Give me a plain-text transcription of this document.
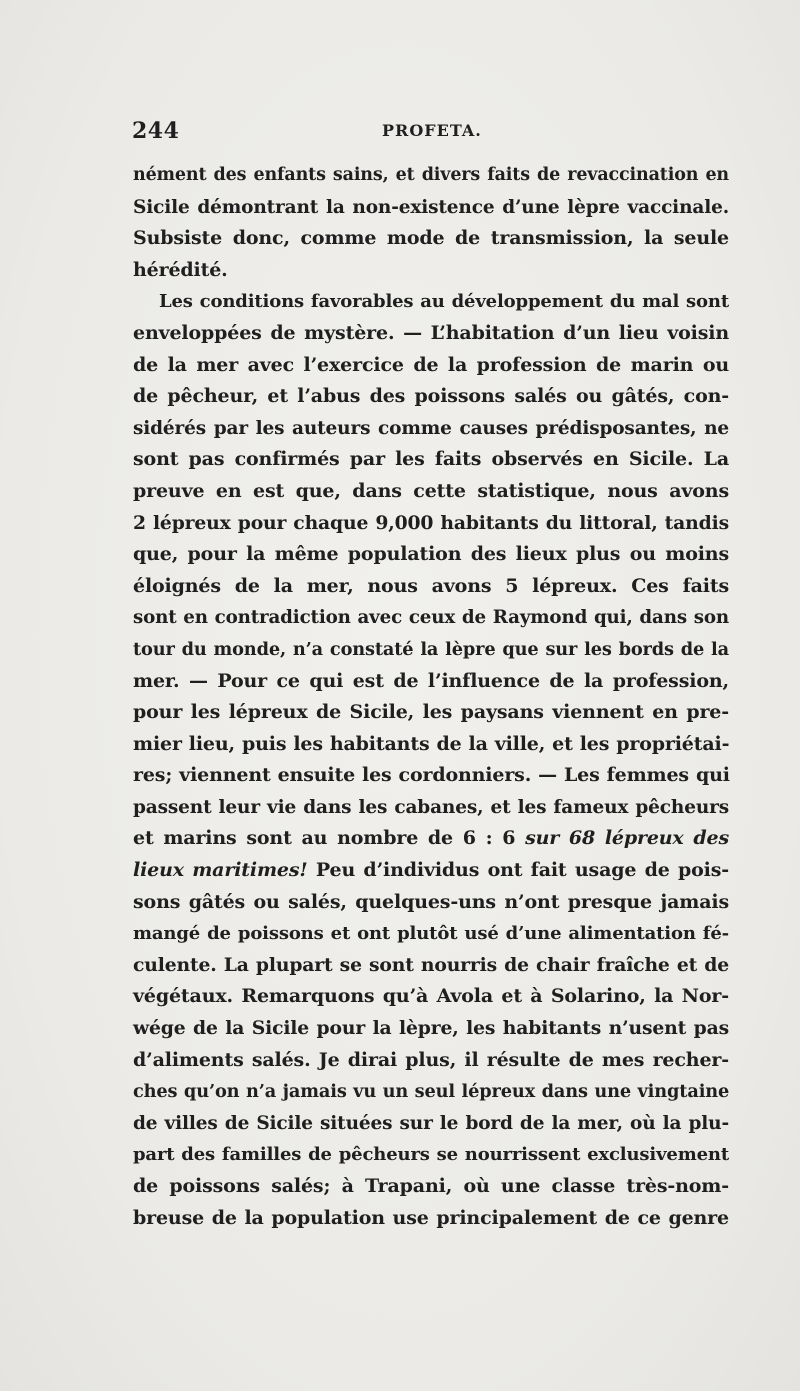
244	PROFETA.
nément des enfants sains, et divers faits de revaccination en
Sicile démontrant la non-existence d’une lèpre vaccinale.
Subsiste donc, comme mode de transmission, la seule
hérédité.
Les conditions favorables au développement du mal sont
enveloppées de mystère. — L’habitation d’un lieu voisin
de la mer avec l’exercice de la profession de marin ou
de pêcheur, et l’abus des poissons salés ou gâtés, con-
sidérés par les auteurs comme causes prédisposantes, ne
sont pas confirmés par les faits observés en Sicile. La
preuve en est que, dans cette statistique, nous avons
2 lépreux pour chaque 9,000 habitants du littoral, tandis
que, pour la même population des lieux plus ou moins
éloignés de la mer, nous avons 5 lépreux. Ces faits
sont en contradiction avec ceux de Raymond qui, dans son
tour du monde, n’a constaté la lèpre que sur les bords de la
mer. — Pour ce qui est de l’influence de la profession,
pour les lépreux de Sicile, les paysans viennent en pre-
mier lieu, puis les habitants de la ville, et les propriétai-
res; viennent ensuite les cordonniers. — Les femmes qui
passent leur vie dans les cabanes, et les fameux pêcheurs
et marins sont au nombre de 6 : 6 sur 68 lépreux des
lieux maritimes! Peu d’individus ont fait usage de pois-
sons gâtés ou salés, quelques-uns n’ont presque jamais
mangé de poissons et ont plutôt usé d’une alimentation fé-
culente. La plupart se sont nourris de chair fraîche et de
végétaux. Remarquons qu’à Avola et à Solarino, la Nor-
wége de la Sicile pour la lèpre, les habitants n’usent pas
d’aliments salés. Je dirai plus, il résulte de mes recher-
ches qu’on n’a jamais vu un seul lépreux dans une vingtaine
de villes de Sicile situées sur le bord de la mer, où la plu-
part des familles de pêcheurs se nourrissent exclusivement
de poissons salés; à Trapani, où une classe très-nom-
breuse de la population use principalement de ce genre
